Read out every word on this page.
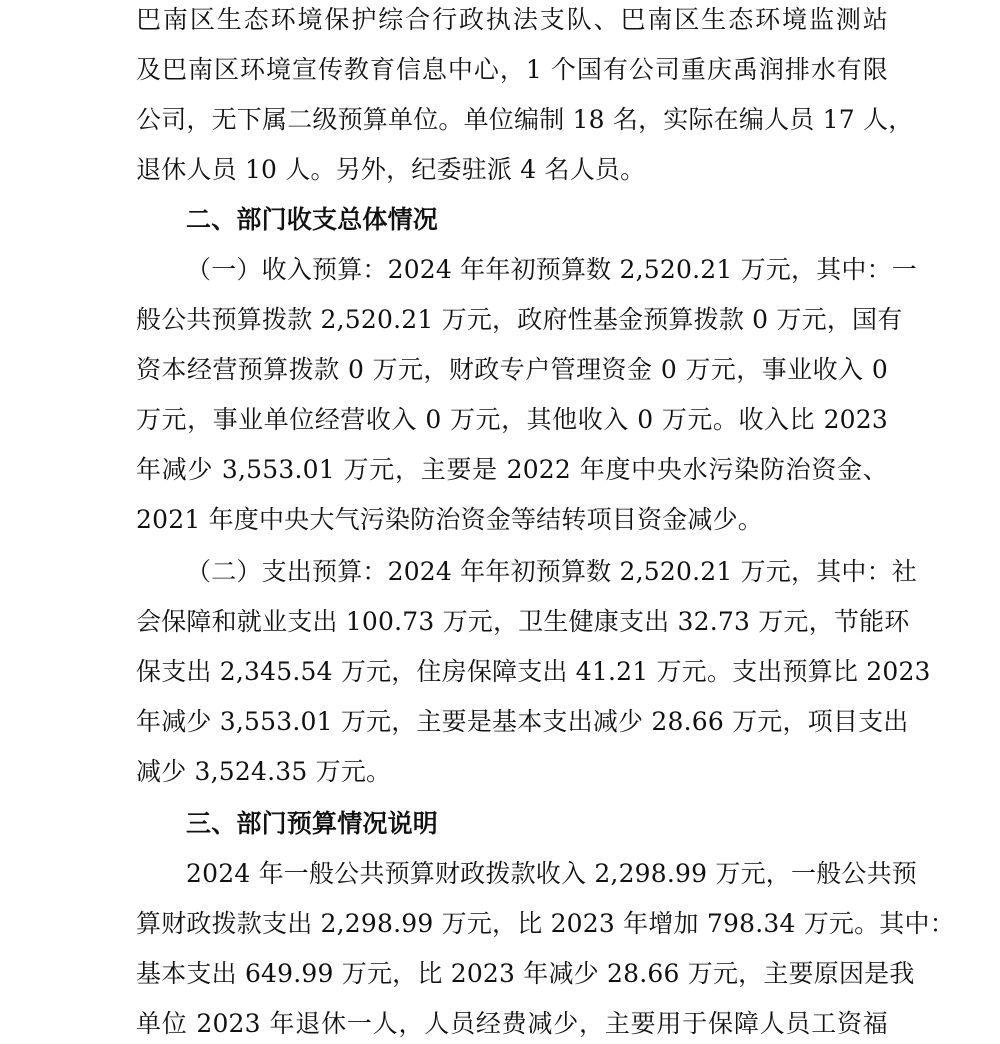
巴南区生态环境保护综合行政执法支队、巴南区生态环境监测站
及巴南区环境宣传教育信息中心，1 个国有公司重庆禹润排水有限
公司，无下属二级预算单位。单位编制 18 名，实际在编人员 17 人，
退休人员 10 人。另外，纪委驻派 4 名人员。
二、部门收支总体情况
（一）收入预算：2024 年年初预算数 2,520.21 万元，其中：一
般公共预算拨款 2,520.21 万元，政府性基金预算拨款 0 万元，国有
资本经营预算拨款 0 万元，财政专户管理资金 0 万元，事业收入 0
万元，事业单位经营收入 0 万元，其他收入 0 万元。收入比 2023
年减少 3,553.01 万元，主要是 2022 年度中央水污染防治资金、
2021 年度中央大气污染防治资金等结转项目资金减少。
（二）支出预算：2024 年年初预算数 2,520.21 万元，其中：社
会保障和就业支出 100.73 万元，卫生健康支出 32.73 万元，节能环
保支出 2,345.54 万元，住房保障支出 41.21 万元。支出预算比 2023
年减少 3,553.01 万元，主要是基本支出减少 28.66 万元，项目支出
减少 3,524.35 万元。
三、部门预算情况说明
2024 年一般公共预算财政拨款收入 2,298.99 万元，一般公共预
算财政拨款支出 2,298.99 万元，比 2023 年增加 798.34 万元。其中：
基本支出 649.99 万元，比 2023 年减少 28.66 万元，主要原因是我
单位 2023 年退休一人，人员经费减少，主要用于保障人员工资福
